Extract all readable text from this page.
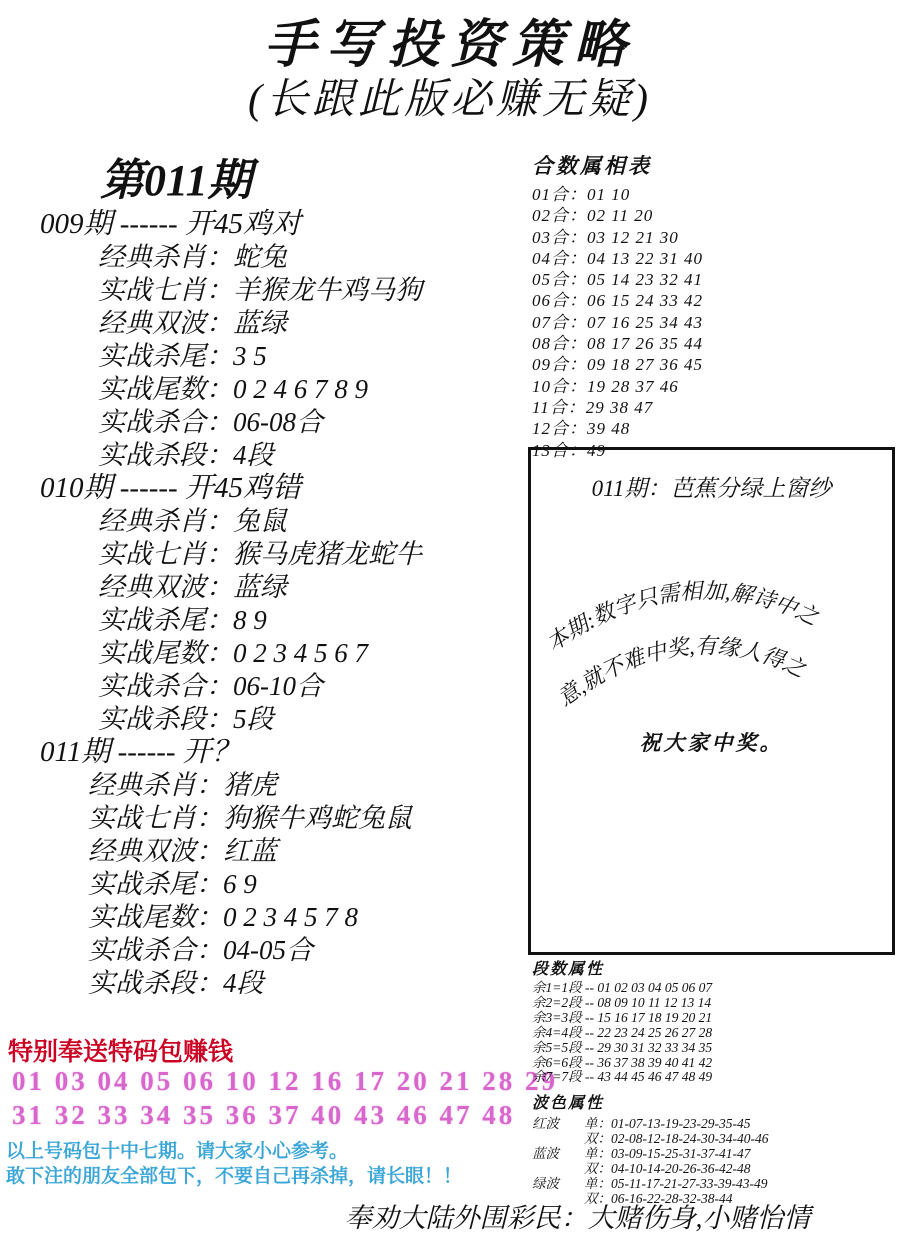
手写投资策略
(长跟此版必赚无疑)
第011期
009期 ------ 开45鸡对
经典杀肖：蛇兔
实战七肖：羊猴龙牛鸡马狗
经典双波：蓝绿
实战杀尾：3 5
实战尾数：0 2 4 6 7 8 9
实战杀合：06-08合
实战杀段：4段
010期 ------ 开45鸡错
经典杀肖：兔鼠
实战七肖：猴马虎猪龙蛇牛
经典双波：蓝绿
实战杀尾：8 9
实战尾数：0 2 3 4 5 6 7
实战杀合：06-10合
实战杀段：5段
011期 ------ 开？
经典杀肖：猪虎
实战七肖：狗猴牛鸡蛇兔鼠
经典双波：红蓝
实战杀尾：6 9
实战尾数：0 2 3 4 5 7 8
实战杀合：04-05合
实战杀段：4段
特别奉送特码包赚钱
01 03 04 05 06 10 12 16 17 20 21 28 29
31 32 33 34 35 36 37 40 43 46 47 48
以上号码包十中七期。请大家小心参考。
敢下注的朋友全部包下，不要自己再杀掉，请长眼！！
合数属相表
01合：01 10
02合：02 11 20
03合：03 12 21 30
04合：04 13 22 31 40
05合：05 14 23 32 41
06合：06 15 24 33 42
07合：07 16 25 34 43
08合：08 17 26 35 44
09合：09 18 27 36 45
10合：19 28 37 46
11合：29 38 47
12合：39 48
13合：49
011期：芭蕉分绿上窗纱
本期:数字只需相加,解诗中之
意,就不难中奖,有缘人得之
祝大家中奖。
段数属性
余1=1段 -- 01 02 03 04 05 06 07
余2=2段 -- 08 09 10 11 12 13 14
余3=3段 -- 15 16 17 18 19 20 21
余4=4段 -- 22 23 24 25 26 27 28
余5=5段 -- 29 30 31 32 33 34 35
余6=6段 -- 36 37 38 39 40 41 42
余7=7段 -- 43 44 45 46 47 48 49
波色属性
红波	单：01-07-13-19-23-29-35-45
双：02-08-12-18-24-30-34-40-46
蓝波	单：03-09-15-25-31-37-41-47
双：04-10-14-20-26-36-42-48
绿波	单：05-11-17-21-27-33-39-43-49
双：06-16-22-28-32-38-44
奉劝大陆外围彩民：大赌伤身,小赌怡情
